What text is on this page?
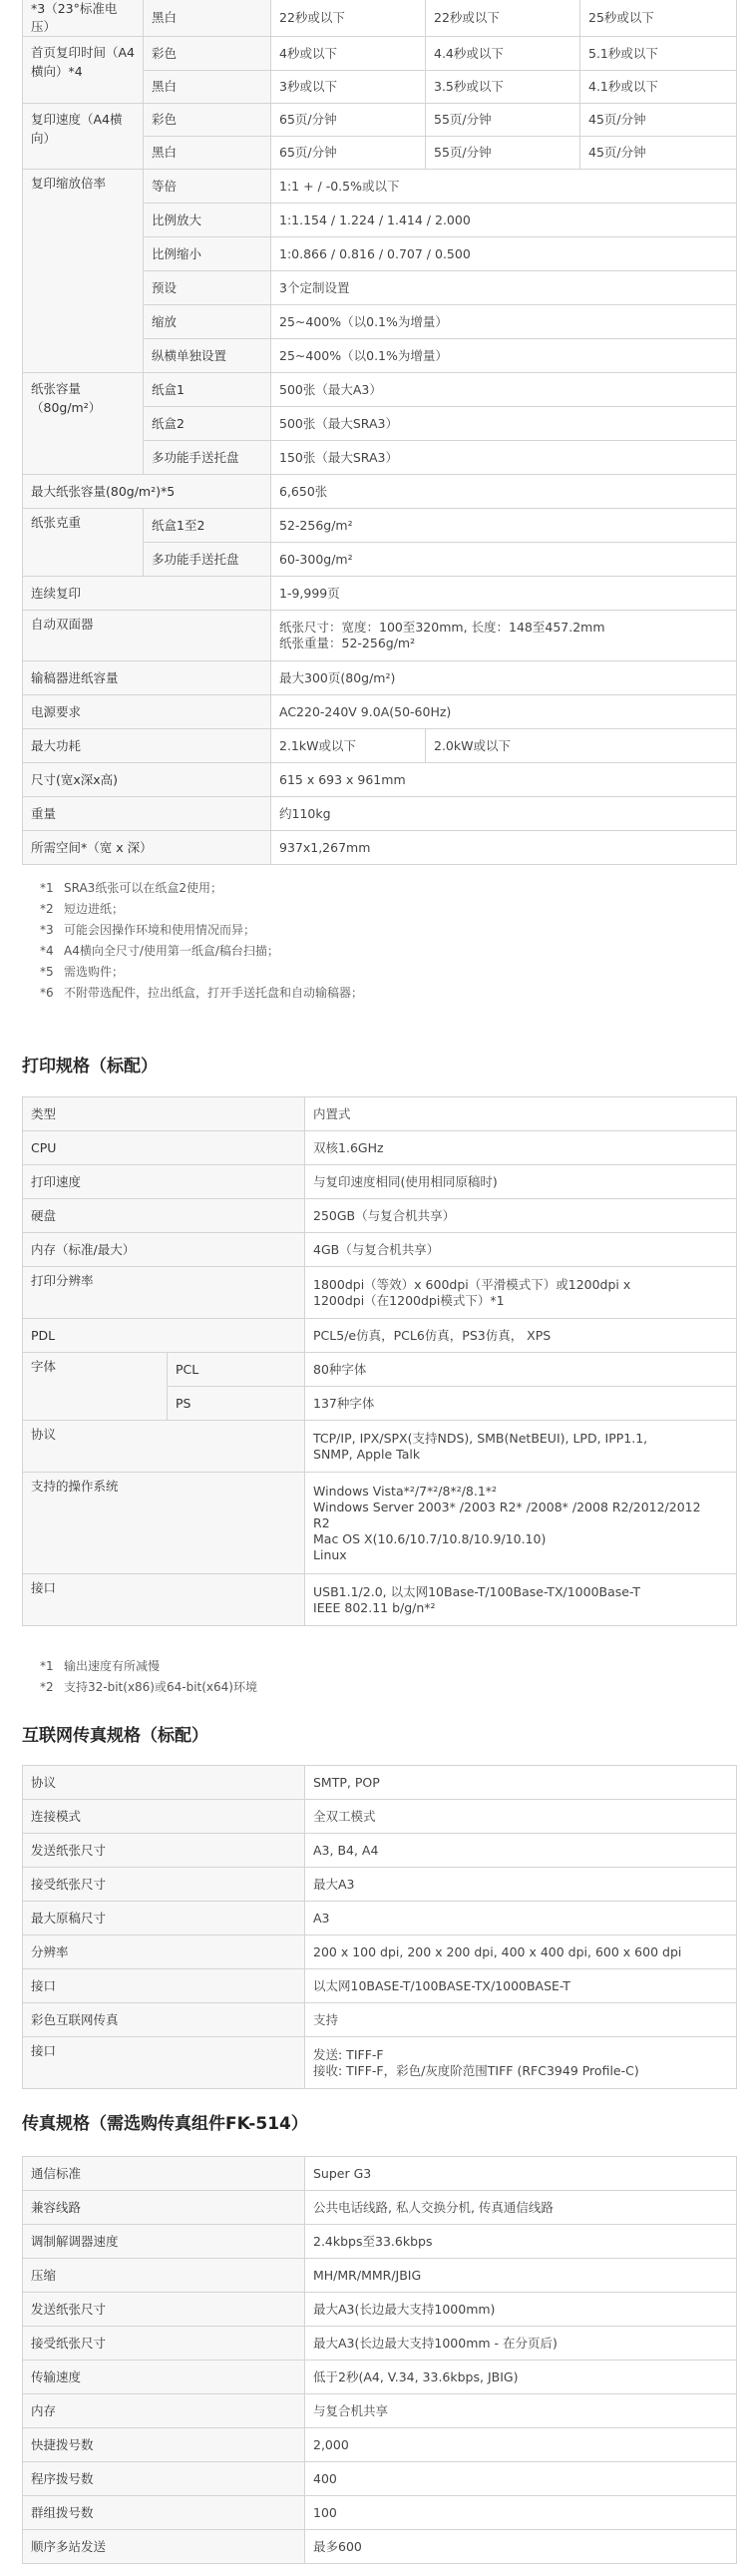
*3（23°标准电压）	黑白	22秒或以下	22秒或以下	25秒或以下
首页复印时间（A4横向）*4	彩色	4秒或以下	4.4秒或以下	5.1秒或以下
	黑白	3秒或以下	3.5秒或以下	4.1秒或以下
复印速度（A4横向）	彩色	65页/分钟	55页/分钟	45页/分钟
	黑白	65页/分钟	55页/分钟	45页/分钟
复印缩放倍率	等倍	1:1 + / -0.5%或以下		
	比例放大	1:1.154 / 1.224 / 1.414 / 2.000		
	比例缩小	1:0.866 / 0.816 / 0.707 / 0.500		
	预设	3个定制设置		
	缩放	25~400%（以0.1%为增量）		
	纵横单独设置	25~400%（以0.1%为增量）		
纸张容量（80g/m²）	纸盒1	500张（最大A3）		
	纸盒2	500张（最大SRA3）		
	多功能手送托盘	150张（最大SRA3）		
最大纸张容量(80g/m²)*5		6,650张		
纸张克重	纸盒1至2	52-256g/m²		
	多功能手送托盘	60-300g/m²		
连续复印		1-9,999页		
自动双面器		纸张尺寸：宽度：100至320mm, 长度：148至457.2mm
纸张重量：52-256g/m²		

输稿器进纸容量		最大300页(80g/m²)		
电源要求		AC220-240V 9.0A(50-60Hz)		
最大功耗		2.1kW或以下	2.0kW或以下	
尺寸(宽x深x高)		615 x 693 x 961mm		
重量		约110kg		
所需空间*（宽 x 深）		937x1,267mm		
*1 SRA3纸张可以在纸盒2使用；
*2 短边进纸；
*3 可能会因操作环境和使用情况而异；
*4 A4横向全尺寸/使用第一纸盒/稿台扫描；
*5 需选购件；
*6 不附带选配件，拉出纸盒，打开手送托盘和自动输稿器；
打印规格（标配）
类型		内置式
CPU		双核1.6GHz
打印速度		与复印速度相同(使用相同原稿时)
硬盘		250GB（与复合机共享）
内存（标准/最大）		4GB（与复合机共享）
打印分辨率		1800dpi（等效）x 600dpi（平滑模式下）或1200dpi x
1200dpi（在1200dpi模式下）*1

PDL		PCL5/e仿真，PCL6仿真，PS3仿真， XPS
字体	PCL	80种字体
	PS	137种字体
协议		TCP/IP, IPX/SPX(支持NDS), SMB(NetBEUI), LPD, IPP1.1,
SNMP, Apple Talk

支持的操作系统		Windows Vista*²/7*²/8*²/8.1*²
Windows Server 2003* /2003 R2* /2008* /2008 R2/2012/2012
R2
Mac OS X(10.6/10.7/10.8/10.9/10.10)
Linux

接口		USB1.1/2.0, 以太网10Base-T/100Base-TX/1000Base-T
IEEE 802.11 b/g/n*²
*1 输出速度有所减慢
*2 支持32-bit(x86)或64-bit(x64)环境
互联网传真规格（标配）
协议	SMTP, POP
连接模式	全双工模式
发送纸张尺寸	A3, B4, A4
接受纸张尺寸	最大A3
最大原稿尺寸	A3
分辨率	200 x 100 dpi, 200 x 200 dpi, 400 x 400 dpi, 600 x 600 dpi
接口	以太网10BASE-T/100BASE-TX/1000BASE-T
彩色互联网传真	支持
接口	发送: TIFF-F
接收: TIFF-F，彩色/灰度阶范围TIFF (RFC3949 Profile-C)
传真规格（需选购传真组件FK-514）
通信标准	Super G3
兼容线路	公共电话线路, 私人交换分机, 传真通信线路
调制解调器速度	2.4kbps至33.6kbps
压缩	MH/MR/MMR/JBIG
发送纸张尺寸	最大A3(长边最大支持1000mm)
接受纸张尺寸	最大A3(长边最大支持1000mm - 在分页后)
传输速度	低于2秒(A4, V.34, 33.6kbps, JBIG)
内存	与复合机共享
快捷拨号数	2,000
程序拨号数	400
群组拨号数	100
顺序多站发送	最多600
